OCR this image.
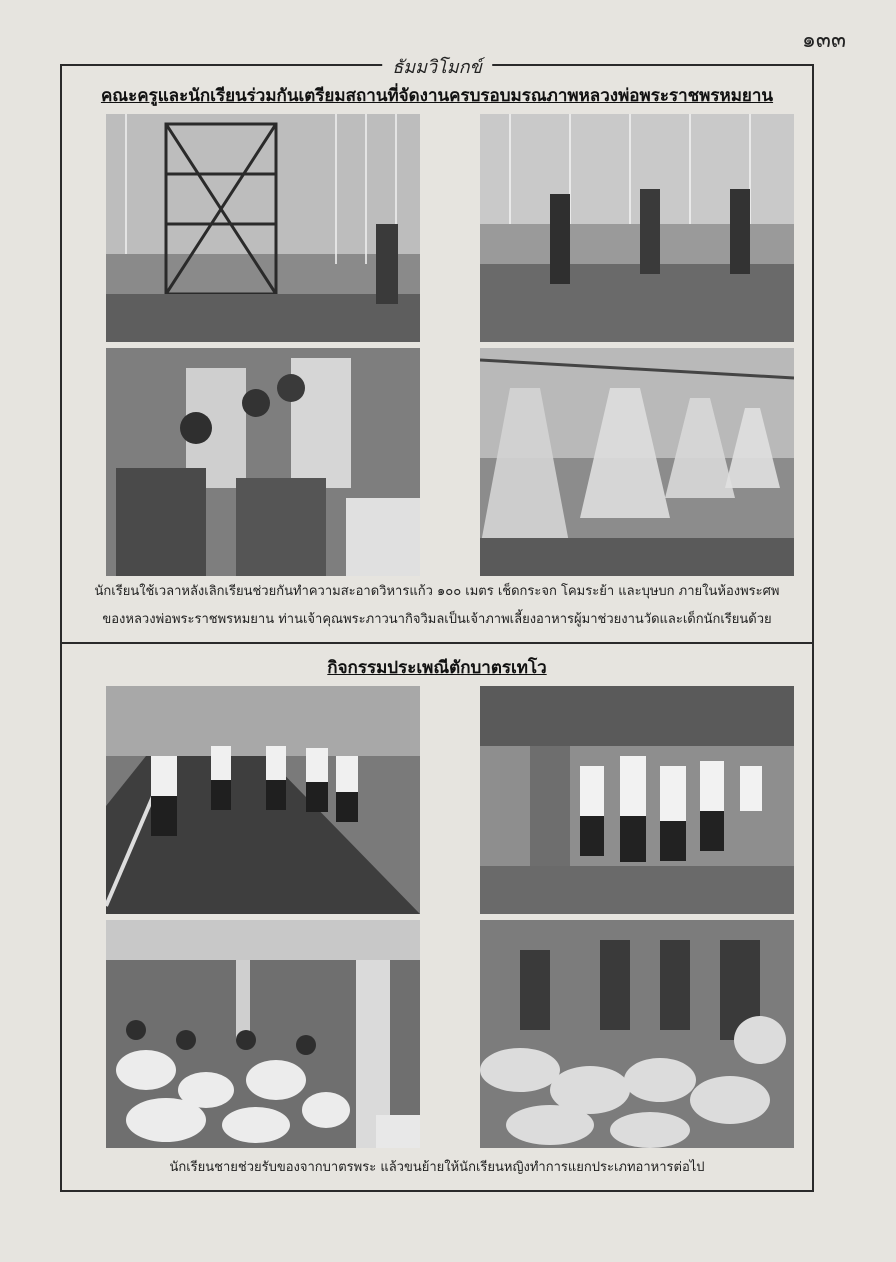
๑๓๓
ธัมมวิโมกข์
คณะครูและนักเรียนร่วมกันเตรียมสถานที่จัดงานครบรอบมรณภาพหลวงพ่อพระราชพรหมยาน
นักเรียนใช้เวลาหลังเลิกเรียนช่วยกันทำความสะอาดวิหารแก้ว ๑๐๐ เมตร เช็ดกระจก โคมระย้า และบุษบก ภายในห้องพระศพ
ของหลวงพ่อพระราชพรหมยาน ท่านเจ้าคุณพระภาวนากิจวิมลเป็นเจ้าภาพเลี้ยงอาหารผู้มาช่วยงานวัดและเด็กนักเรียนด้วย
กิจกรรมประเพณีตักบาตรเทโว
นักเรียนชายช่วยรับของจากบาตรพระ แล้วขนย้ายให้นักเรียนหญิงทำการแยกประเภทอาหารต่อไป
